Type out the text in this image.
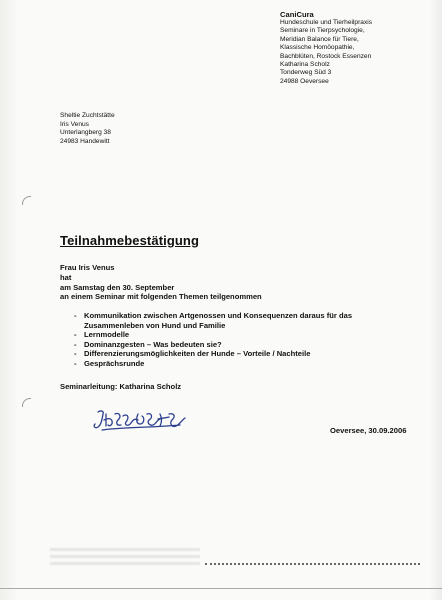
CaniCura
Hundeschule und Tierheilpraxis
Seminare in Tierpsychologie,
Meridian Balance für Tiere,
Klassische Homöopathie,
Bachblüten, Rostock Essenzen
Katharina Scholz
Tonderweg Süd 3
24988 Oeversee
Sheltie Zuchtstätte
Iris Venus
Unterlangberg 38
24983 Handewitt
Teilnahmebestätigung
Frau Iris Venus
hat
am Samstag den 30. September
an einem Seminar mit folgenden Themen teilgenommen
- Kommunikation zwischen Artgenossen und Konsequenzen daraus für das Zusammenleben von Hund und Familie
- Lernmodelle
- Dominanzgesten – Was bedeuten sie?
- Differenzierungsmöglichkeiten der Hunde – Vorteile / Nachteile
- Gesprächsrunde
Seminarleitung: Katharina Scholz
Oeversee, 30.09.2006
